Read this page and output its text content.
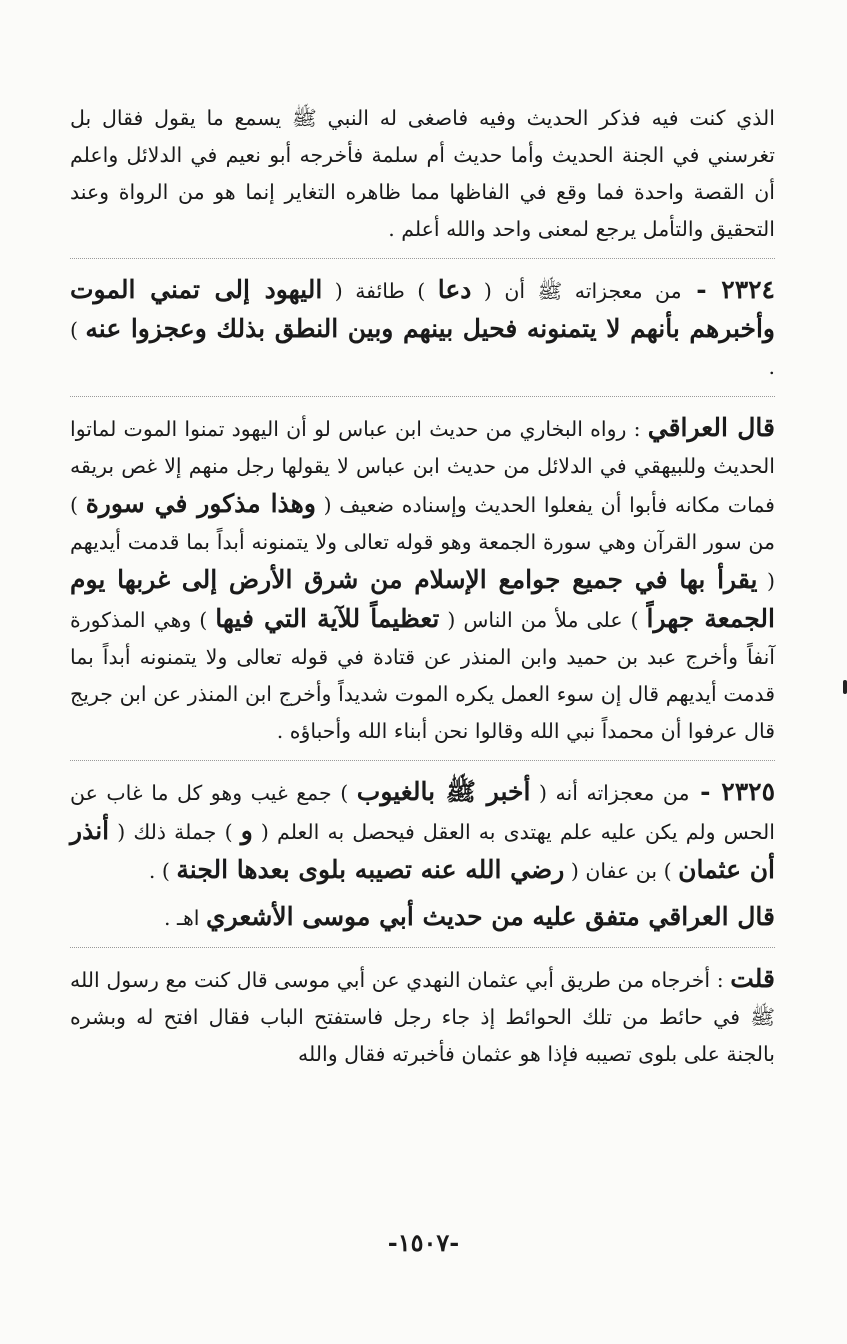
الذي كنت فيه فذكر الحديث وفيه فاصغى له النبي ﷺ يسمع ما يقول فقال بل تغرسني في الجنة الحديث وأما حديث أم سلمة فأخرجه أبو نعيم في الدلائل واعلم أن القصة واحدة فما وقع في الفاظها مما ظاهره التغاير إنما هو من الرواة وعند التحقيق والتأمل يرجع لمعنى واحد والله أعلم .

٢٣٢٤ - من معجزاته ﷺ أن ( دعا ) طائفة ( اليهود إلى تمني الموت وأخبرهم بأنهم لا يتمنونه فحيل بينهم وبين النطق بذلك وعجزوا عنه ) .

قال العراقي : رواه البخاري من حديث ابن عباس لو أن اليهود تمنوا الموت لماتوا الحديث وللبيهقي في الدلائل من حديث ابن عباس لا يقولها رجل منهم إلا غص بريقه فمات مكانه فأبوا أن يفعلوا الحديث وإسناده ضعيف ( وهذا مذكور في سورة ) من سور القرآن وهي سورة الجمعة وهو قوله تعالى ولا يتمنونه أبداً بما قدمت أيديهم ( يقرأ بها في جميع جوامع الإسلام من شرق الأرض إلى غربها يوم الجمعة جهراً ) على ملأ من الناس ( تعظيماً للآية التي فيها ) وهي المذكورة آنفاً وأخرج عبد بن حميد وابن المنذر عن قتادة في قوله تعالى ولا يتمنونه أبداً بما قدمت أيديهم قال إن سوء العمل يكره الموت شديداً وأخرج ابن المنذر عن ابن جريج قال عرفوا أن محمداً نبي الله وقالوا نحن أبناء الله وأحباؤه .

٢٣٢٥ - من معجزاته أنه ( أخبر ﷺ بالغيوب ) جمع غيب وهو كل ما غاب عن الحس ولم يكن عليه علم يهتدى به العقل فيحصل به العلم ( و ) جملة ذلك ( أنذر أن عثمان ) بن عفان ( رضي الله عنه تصيبه بلوى بعدها الجنة ) .

قال العراقي متفق عليه من حديث أبي موسى الأشعري اهـ .

قلت : أخرجاه من طريق أبي عثمان النهدي عن أبي موسى قال كنت مع رسول الله ﷺ في حائط من تلك الحوائط إذ جاء رجل فاستفتح الباب فقال افتح له وبشره بالجنة على بلوى تصيبه فإذا هو عثمان فأخبرته فقال والله

-١٥٠٧-
